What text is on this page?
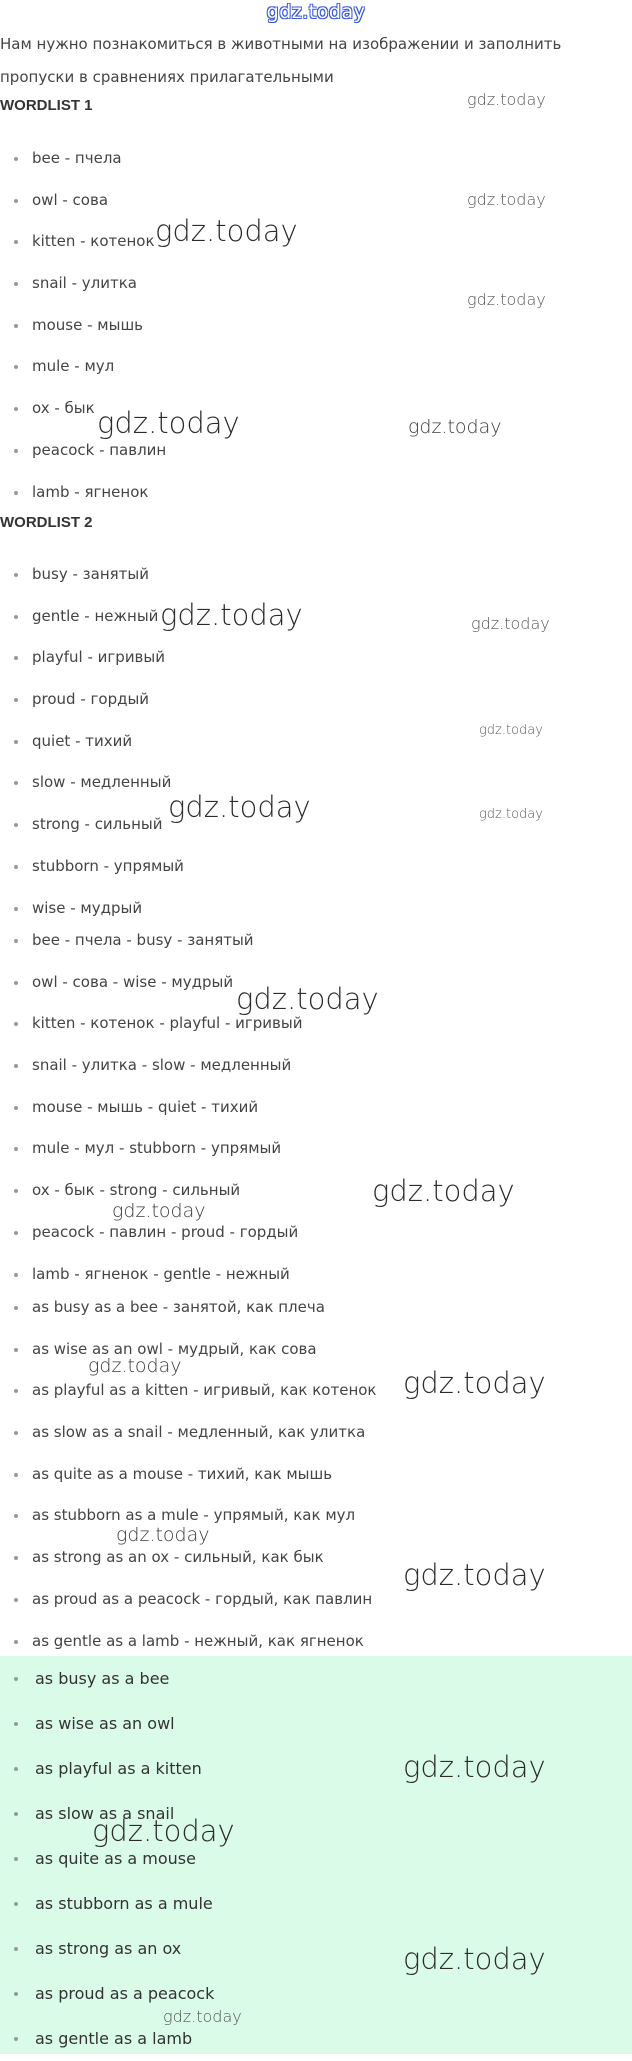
gdz.today
Нам нужно познакомиться в животными на изображении и заполнить пропуски в сравнениях прилагательными
WORDLIST 1
bee - пчела
owl - сова
kitten - котенок
snail - улитка
mouse - мышь
mule - мул
ox - бык
peacock - павлин
lamb - ягненок
WORDLIST 2
busy - занятый
gentle - нежный
playful - игривый
proud - гордый
quiet - тихий
slow - медленный
strong - сильный
stubborn - упрямый
wise - мудрый
bee - пчела - busy - занятый
owl - сова - wise - мудрый
kitten - котенок - playful - игривый
snail - улитка - slow - медленный
mouse - мышь - quiet - тихий
mule - мул - stubborn - упрямый
ox - бык - strong - сильный
peacock - павлин - proud - гордый
lamb - ягненок - gentle - нежный
as busy as a bee - занятой, как плеча
as wise as an owl - мудрый, как сова
as playful as a kitten - игривый, как котенок
as slow as a snail - медленный, как улитка
as quite as a mouse - тихий, как мышь
as stubborn as a mule - упрямый, как мул
as strong as an ox - сильный, как бык
as proud as a peacock - гордый, как павлин
as gentle as a lamb - нежный, как ягненок
as busy as a bee
as wise as an owl
as playful as a kitten
as slow as a snail
as quite as a mouse
as stubborn as a mule
as strong as an ox
as proud as a peacock
as gentle as a lamb
gdz.today
gdz.today
gdz.today
gdz.today
gdz.today	gdz.today
gdz.today	gdz.today
gdz.today
gdz.today	gdz.today
gdz.today
gdz.today
gdz.today
gdz.today	gdz.today
gdz.today
gdz.today
gdz.today
gdz.today
gdz.today
gdz.today
